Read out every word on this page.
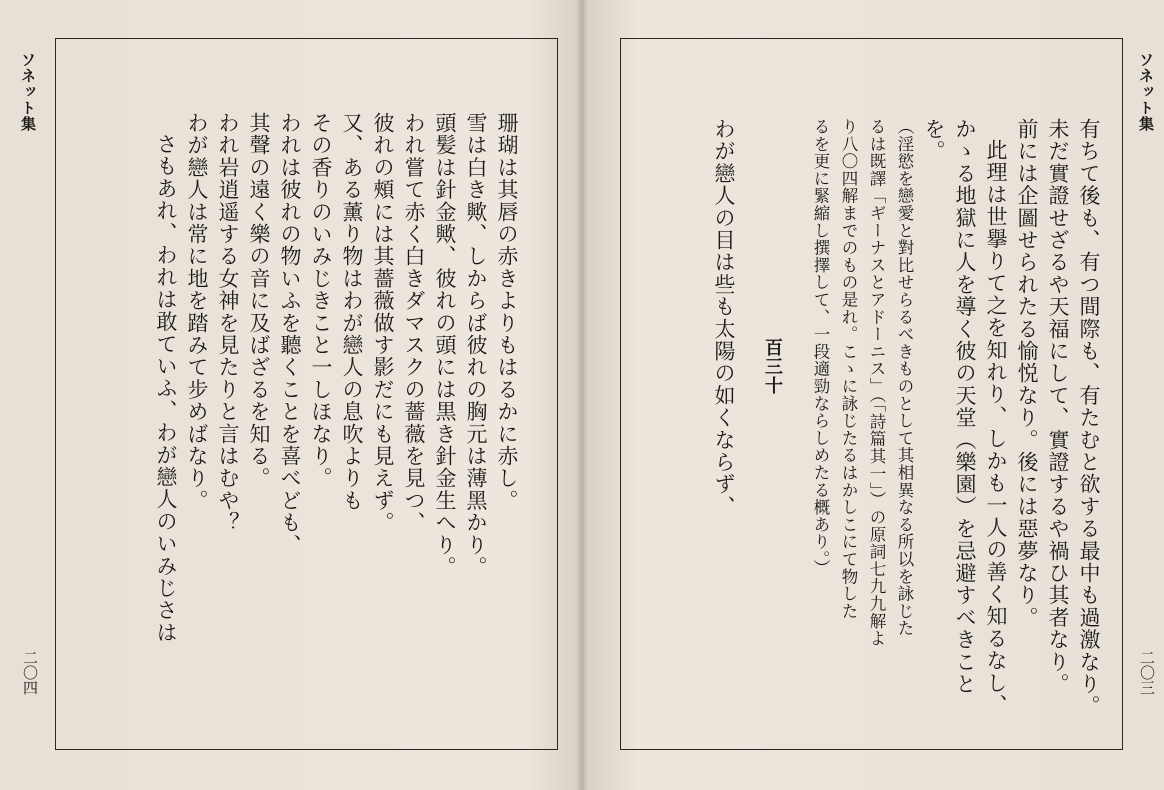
ソネット集
二〇四
珊瑚は其唇の赤きよりもはるかに赤し。
雪は白き歟、しからば彼れの胸元は薄黑かり。
頭髪は針金歟、彼れの頭には黒き針金生へり。
われ嘗て赤く白きダマスクの薔薇を見つ、
彼れの頰には其薔薇做す影だにも見えず。
又、ある薰り物はわが戀人の息吹よりも
その香りのいみじきこと一しほなり。
われは彼れの物いふを聽くことを喜べども、
其聲の遠く樂の音に及ばざるを知る。
われ岩逍遥する女神を見たりと言はむや？
わが戀人は常に地を踏みて步めばなり。
さもあれ、われは敢ていふ、わが戀人のいみじさは
ソネット集
二〇三
有ちて後も、有つ間際も、有たむと欲する最中も過激なり。
未だ實證せざるや天福にして、實證するや禍ひ其者なり。
前には企圖せられたる愉悦なり。後には惡夢なり。
此理は世擧りて之を知れり、しかも一人の善く知るなし、
かゝる地獄に人を導く彼の天堂（樂園）を忌避すべきことを。
（淫慾を戀愛と對比せらるべきものとして其相異なる所以を詠じた
るは既譯「ギーナスとアドーニス」（「詩篇其一」）の原詞七九九解よ
り八〇四解までのもの是れ。こゝに詠じたるはかしこにて物した
るを更に緊縮し撰擇して、一段適勁ならしめたる概あり。）
百三十
わが戀人の目は些も太陽の如くならず、
